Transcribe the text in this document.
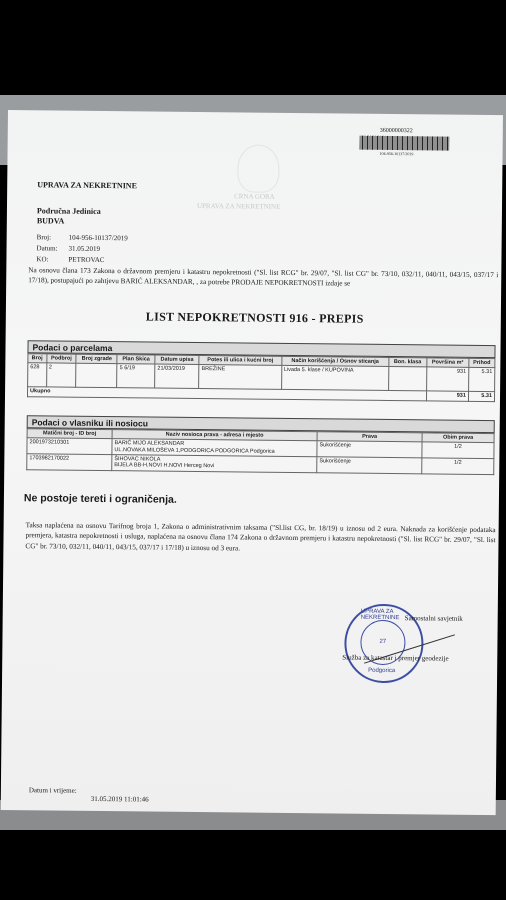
36000000322
104-956-10137/2019
CRNA GORA
UPRAVA ZA NEKRETNINE
UPRAVA ZA NEKRETNINE
Područna Jedinica
BUDVA
Broj:	104-956-10137/2019
Datum: 31.05.2019
KO:	PETROVAC
Na osnovu člana 173 Zakona o državnom premjeru i katastru nepokretnosti ("Sl. list RCG" br. 29/07, "Sl. list CG" br. 73/10, 032/11, 040/11, 043/15, 037/17 i 17/18), postupajući po zahtjevu BARIĆ ALEKSANDAR, , za potrebe PRODAJE NEPOKRETNOSTI izdaje se
LIST NEPOKRETNOSTI 916 - PREPIS
Podaci o parcelama
Broj	Podbroj	Broj zgrade	Plan Skica	Datum upisa	Potes ili ulica i kućni broj	Način korišćenja / Osnov sticanja	Bon. klasa	Površina m²	Prihod
628	2		5 6/19	21/03/2019	BREŽINE	Livada 5. klase / KUPOVINA		931	5.31
Ukupno								931	5.31
Podaci o vlasniku ili nosiocu
Matični broj - ID broj	Naziv nosioca prava - adresa i mjesto	Prava	Obim prava
2001973210301	BARIĆ MIJO ALEKSANDAR
UL.NOVAKA MILOŠEVA 1,PODGORICA PODGORICA Podgorica	Sukorišćenje	1/2
1703982170022	ŠIHOVAC NIKOLA
BIJELA BB-H.NOVI H.NOVI Herceg Novi	Sukorišćenje	1/2
Ne postoje tereti i ograničenja.
Taksa naplaćena na osnovu Tarifnog broja 1, Zakona o administrativnim taksama ("Sl.list CG, br. 18/19) u iznosu od 2 eura. Naknada za korišćenje podataka premjera, katastra nepokretnosti i usluga, naplaćena na osnovu člana 174 Zakona o državnom premjeru i katastru nepokretnosti ("Sl. list RCG" br. 29/07, "Sl. list CG" br. 73/10, 032/11, 040/11, 043/15, 037/17 i 17/18) u iznosu od 3 eura.
UPRAVA ZA NEKRETNINE
27
Podgorica
Samostalni savjetnik
Služba za katastar i premjer geodezije
Datum i vrijeme:
31.05.2019 11:01:46
